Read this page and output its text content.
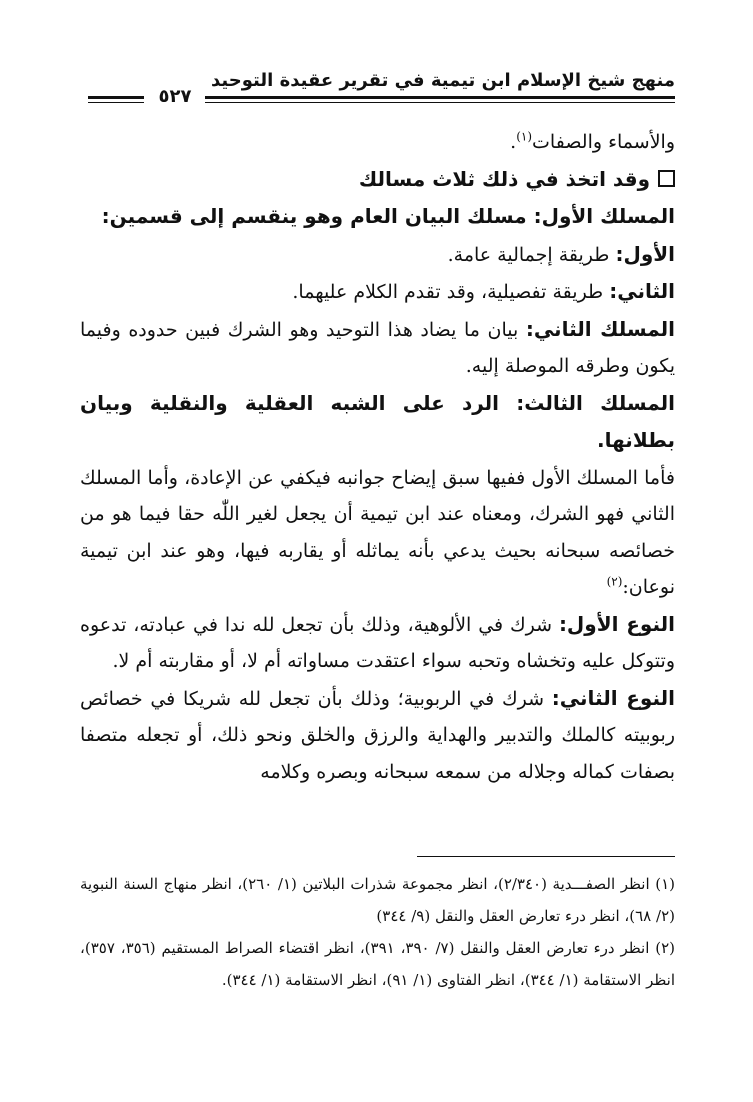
منهج شيخ الإسلام ابن تيمية في تقرير عقيدة التوحيد
٥٢٧

والأسماء والصفات$^{(١)}$.

وقد اتخذ في ذلك ثلاث مسالك

المسلك الأول: مسلك البيان العام وهو ينقسم إلى قسمين:

الأول: طريقة إجمالية عامة.

الثاني: طريقة تفصيلية، وقد تقدم الكلام عليهما.

المسلك الثاني: بيان ما يضاد هذا التوحيد وهو الشرك فبين حدوده وفيما يكون وطرقه الموصلة إليه.

المسلك الثالث: الرد على الشبه العقلية والنقلية وبيان بطلانها.

فأما المسلك الأول ففيها سبق إيضاح جوانبه فيكفي عن الإعادة، وأما المسلك الثاني فهو الشرك، ومعناه عند ابن تيمية أن يجعل لغير اللّٰه حقا فيما هو من خصائصه سبحانه بحيث يدعي بأنه يماثله أو يقاربه فيها، وهو عند ابن تيمية نوعان:$^{(٢)}$

النوع الأول: شرك في الألوهية، وذلك بأن تجعل لله ندا في عبادته، تدعوه وتتوكل عليه وتخشاه وتحبه سواء اعتقدت مساواته أم لا، أو مقاربته أم لا.

النوع الثاني: شرك في الربوبية؛ وذلك بأن تجعل لله شريكا في خصائص ربوبيته كالملك والتدبير والهداية والرزق والخلق ونحو ذلك، أو تجعله متصفا بصفات كماله وجلاله من سمعه سبحانه وبصره وكلامه

(١) انظر الصفـــدية (٢/٣٤٠)، انظر مجموعة شذرات البلاتين (١/ ٢٦٠)، انظر منهاج السنة النبوية (٢/ ٦٨)، انظر درء تعارض العقل والنقل (٩/ ٣٤٤)

(٢) انظر درء تعارض العقل والنقل (٧/ ٣٩٠، ٣٩١)، انظر اقتضاء الصراط المستقيم (٣٥٦، ٣٥٧)، انظر الاستقامة (١/ ٣٤٤)، انظر الفتاوى (١/ ٩١)، انظر الاستقامة (١/ ٣٤٤).
